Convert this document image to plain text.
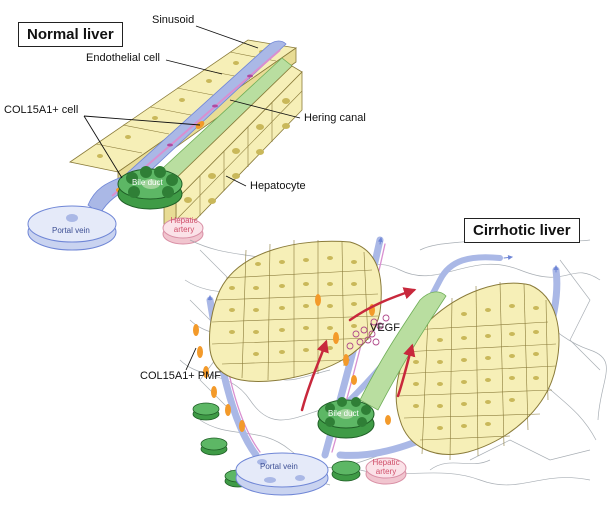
Normal liver
Cirrhotic liver
Sinusoid
Endothelial cell
COL15A1+ cell
Hering canal
Hepatocyte
Bile duct
Portal vein
Hepatic artery
VEGF
COL15A1+ PMF
Bile duct
Portal vein	Hepatic artery
